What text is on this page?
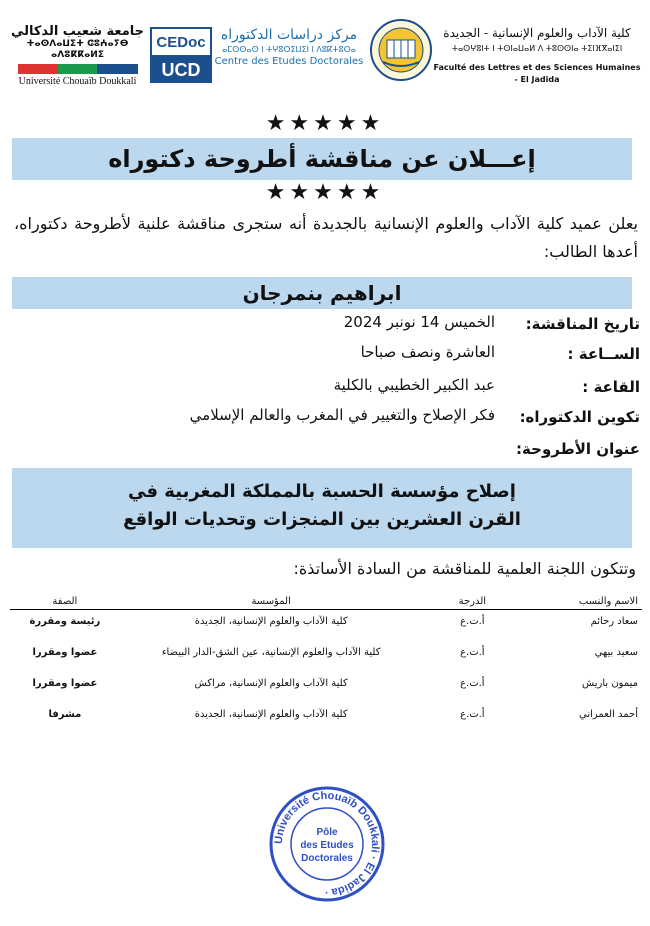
جامعة شعيب الدكالي
ⵜⴰⵙⴷⴰⵡⵉⵜ ⵛⵓⵄⴰⵢⴱ ⴰⴷⵓⴽⴽⴰⵍⵉ
Université Chouaïb Doukkali
CEDoc
UCD
مركز دراسات الدكتوراه
ⴰⵎⵙⵙⴰⵙ ⵏ ⵜⵖⵓⵔⵉⵡⵉⵏ ⵏ ⴷⵓⴽⵜⵓⵔⴰ
Centre des Etudes Doctorales
كلية الآداب والعلوم الإنسانية - الجديدة
ⵜⴰⵙⵖⵓⵏⵜ ⵏ ⵜⵙⵏⴰⵡⴰⵍ ⴷ ⵜⵓⵙⵙⵏⴰ ⵜⵉⵏⴼⴳⴰⵏⵉⵏ
Faculté des Lettres et des Sciences Humaines - El Jadida
★★★★★
إعـــلان عن مناقشة أطروحة دكتوراه
★★★★★
يعلن عميد كلية الآداب والعلوم الإنسانية بالجديدة أنه ستجرى مناقشة علنية لأطروحة دكتوراه، أعدها الطالب:
ابراهيم بنمرجان
تاريخ المناقشة:
الخميس 14 نونبر 2024
الســاعة :
العاشرة ونصف صباحا
القاعة :
عبد الكبير الخطيبي بالكلية
تكوين الدكتوراه:
فكر الإصلاح والتغيير في المغرب والعالم الإسلامي
عنوان الأطروحة:
إصلاح مؤسسة الحسبة بالمملكة المغربية في
القرن العشرين بين المنجزات وتحديات الواقع
وتتكون اللجنة العلمية للمناقشة من السادة الأساتذة:
الاسم والنسب	الدرجة	المؤسسة	الصفة
سعاد رحائم	أ.ت.ع	كلية الآداب والعلوم الإنسانية، الجديدة	رئيسة ومقررة
سعيد بيهي	أ.ت.ع	كلية الآداب والعلوم الإنسانية، عين الشق-الدار البيضاء	عضوا ومقررا
ميمون باريش	أ.ت.ع	كلية الآداب والعلوم الإنسانية، مراكش	عضوا ومقررا
أحمد العمراني	أ.ت.ع	كلية الآداب والعلوم الإنسانية، الجديدة	مشرفا
Université Chouaïb Doukkali · El Jadida ·
Pôle
des Etudes
Doctorales
